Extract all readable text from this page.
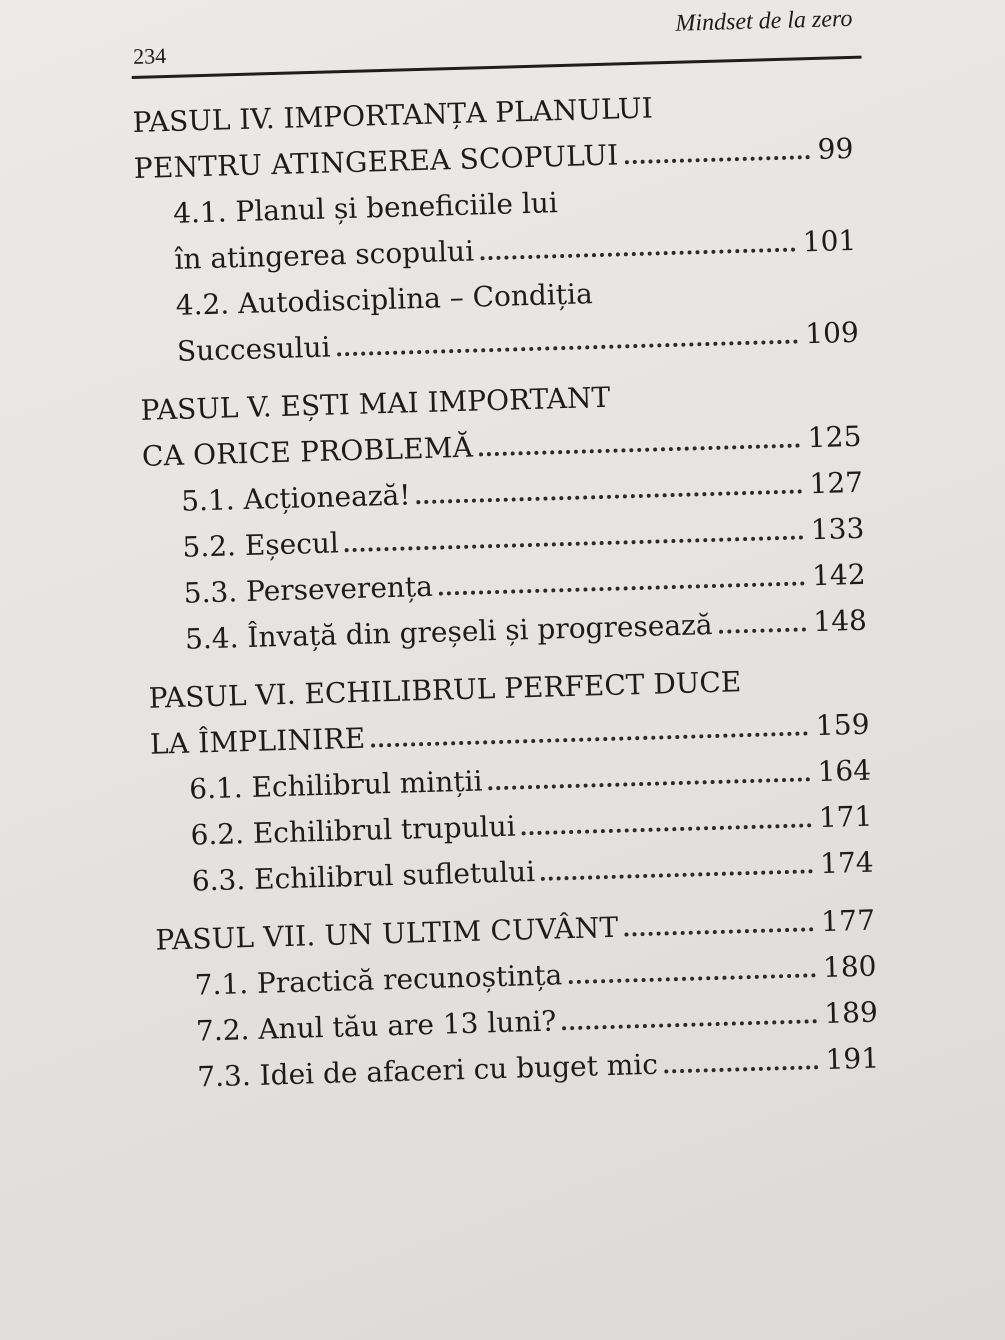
234
Mindset de la zero
PASUL IV. IMPORTANȚA PLANULUI
PENTRU ATINGEREA SCOPULUI	99
4.1. Planul și beneficiile lui
în atingerea scopului	101
4.2. Autodisciplina – Condiția
Succesului	109
PASUL V. EȘTI MAI IMPORTANT
CA ORICE PROBLEMĂ	125
5.1. Acționează!	127
5.2. Eșecul	133
5.3. Perseverența	142
5.4. Învață din greșeli și progresează	148
PASUL VI. ECHILIBRUL PERFECT DUCE
LA ÎMPLINIRE	159
6.1. Echilibrul minții	164
6.2. Echilibrul trupului	171
6.3. Echilibrul sufletului	174
PASUL VII. UN ULTIM CUVÂNT	177
7.1. Practică recunoștința	180
7.2. Anul tău are 13 luni?	189
7.3. Idei de afaceri cu buget mic	191
